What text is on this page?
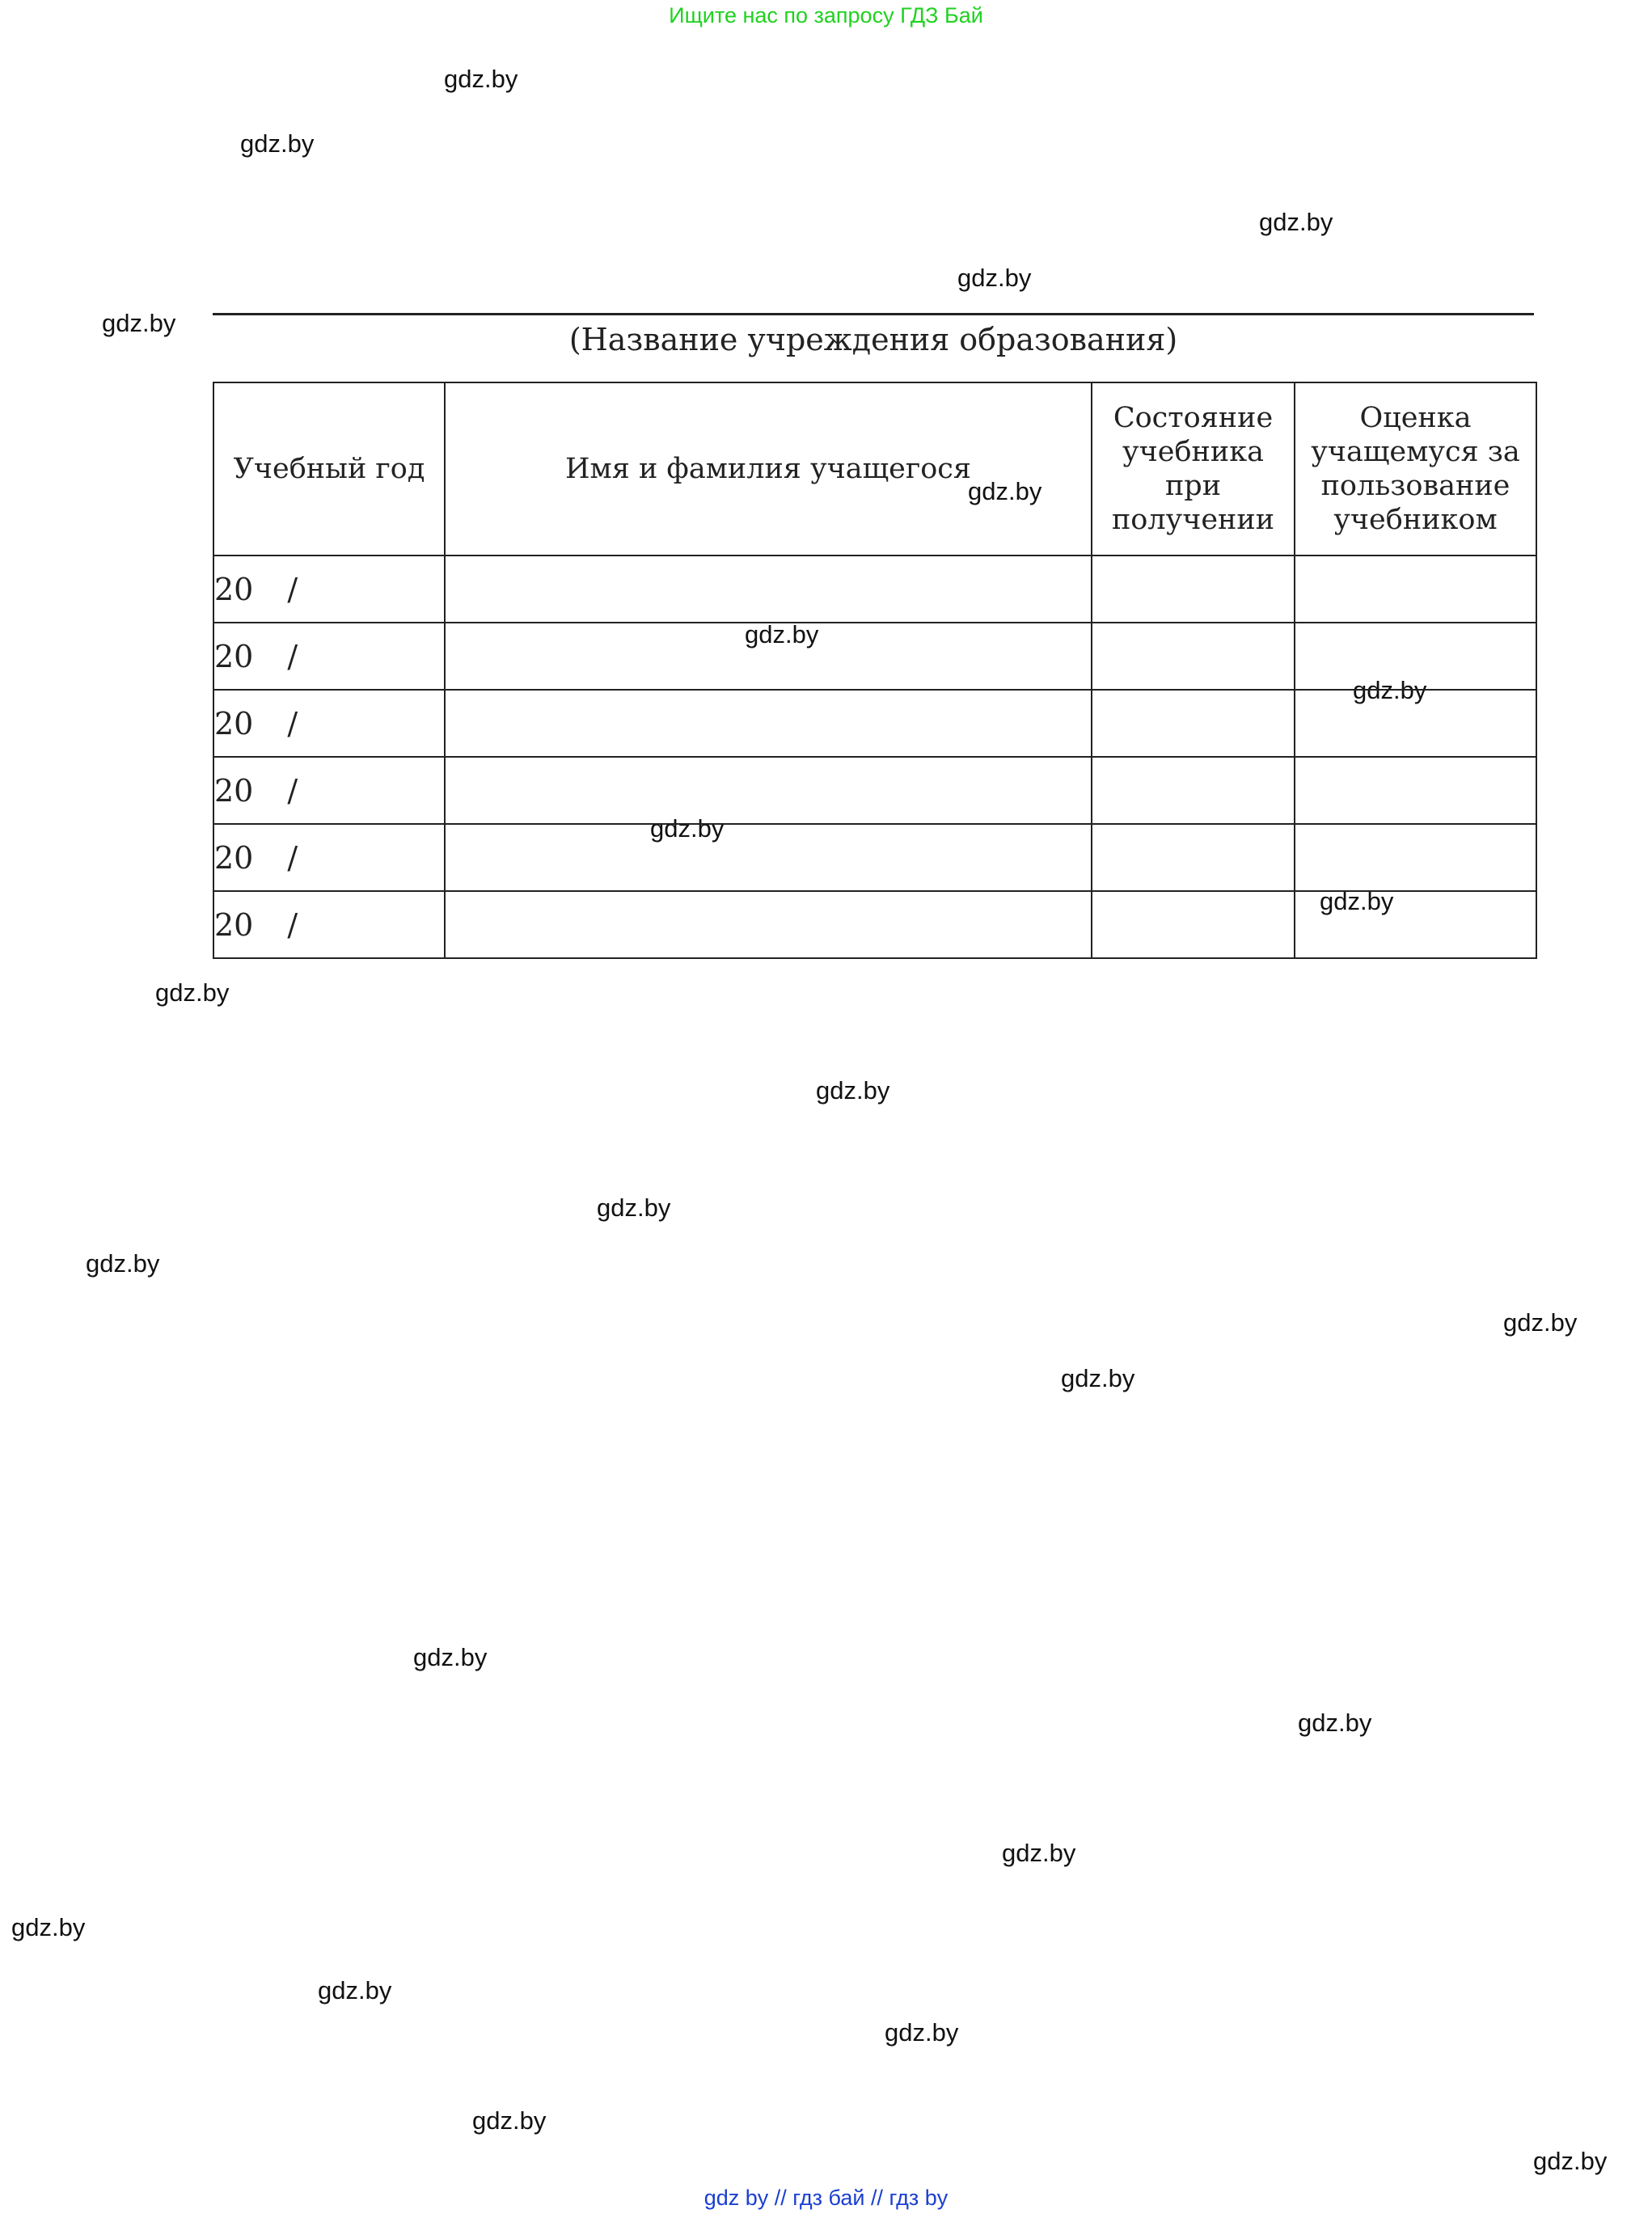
Ищите нас по запросу ГДЗ Бай
gdz.by
gdz.by
gdz.by
gdz.by
gdz.by
gdz.by
gdz.by
gdz.by
gdz.by
gdz.by
gdz.by
gdz.by
gdz.by
gdz.by
gdz.by
gdz.by
gdz.by
gdz.by
gdz.by
gdz.by
gdz.by
gdz.by
gdz.by
gdz.by
(Название учреждения образования)
Учебный год	Имя и фамилия учащегося	Состояние учебника при получении	Оценка учащемуся за пользование учебником
20 /			
20 /			
20 /			
20 /			
20 /			
20 /			
gdz by // гдз бай // гдз by
